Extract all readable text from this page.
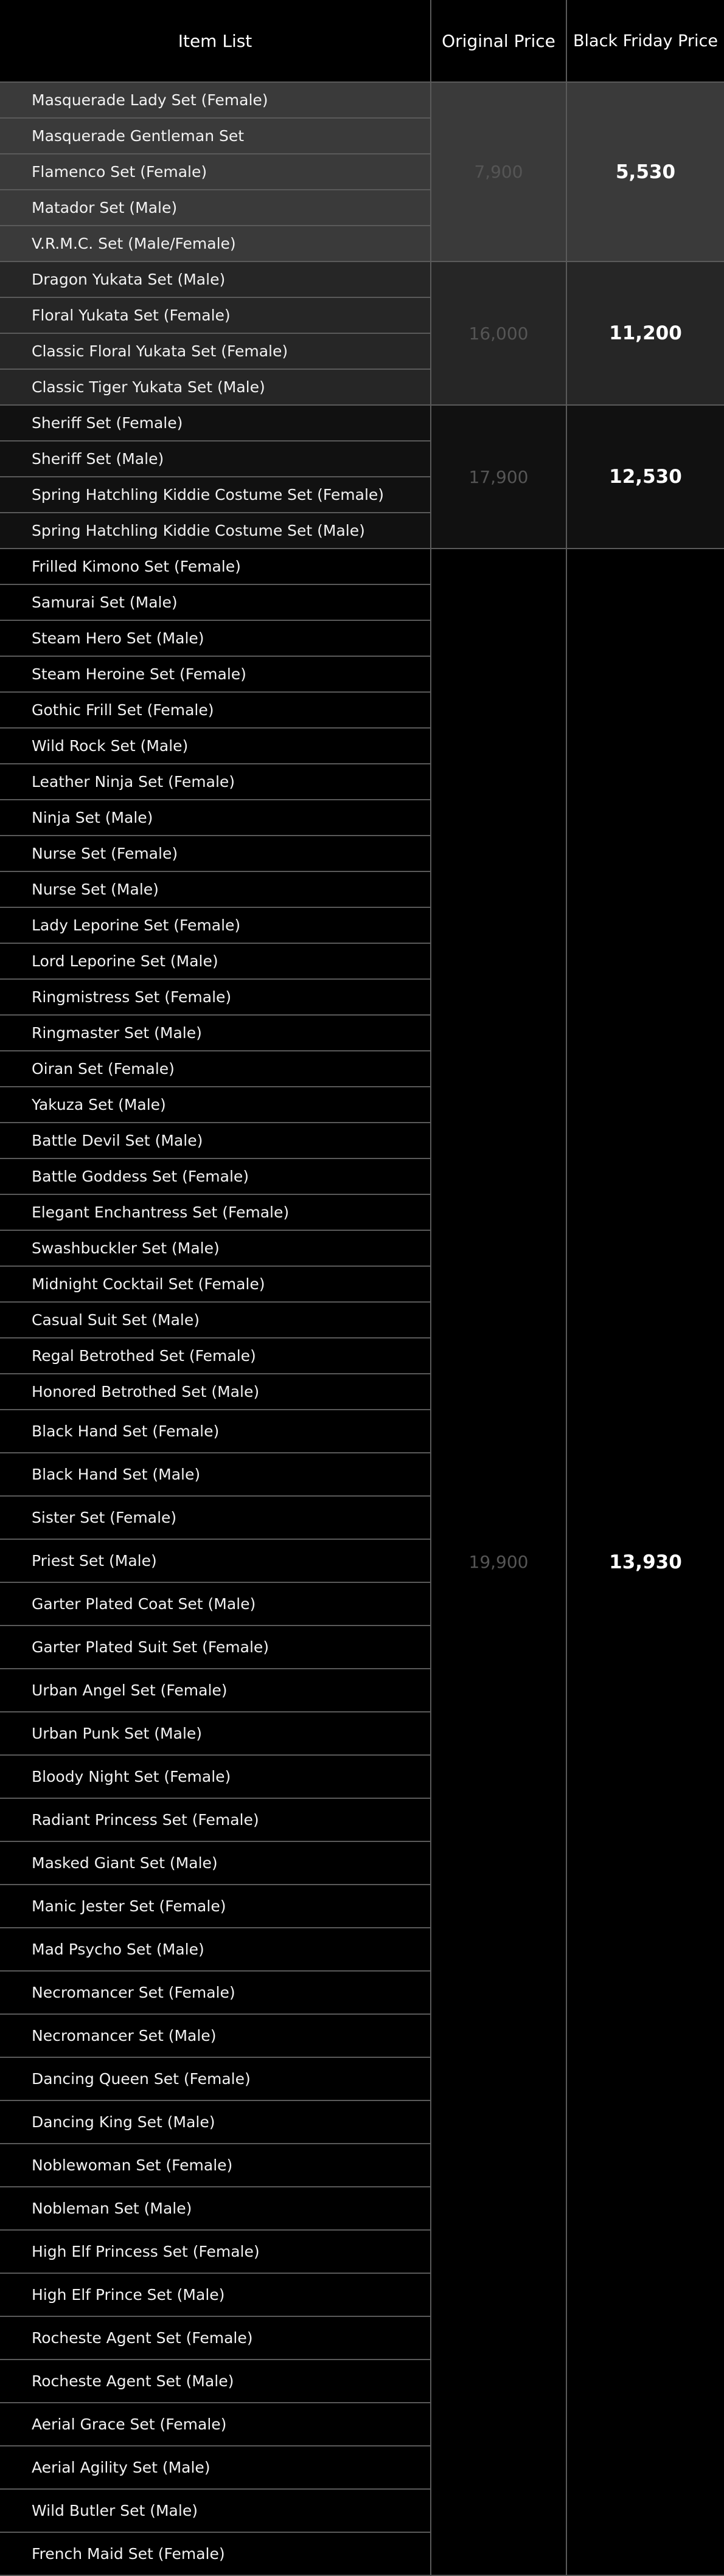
Item List	Original Price	Black Friday Price
Masquerade Lady Set (Female)
Masquerade Gentleman Set
Flamenco Set (Female)
Matador Set (Male)
V.R.M.C. Set (Male/Female)
7,900	5,530
Dragon Yukata Set (Male)
Floral Yukata Set (Female)
Classic Floral Yukata Set (Female)
Classic Tiger Yukata Set (Male)
16,000	11,200
Sheriff Set (Female)
Sheriff Set (Male)
Spring Hatchling Kiddie Costume Set (Female)
Spring Hatchling Kiddie Costume Set (Male)
17,900	12,530
Frilled Kimono Set (Female)
Samurai Set (Male)
Steam Hero Set (Male)
Steam Heroine Set (Female)
Gothic Frill Set (Female)
Wild Rock Set (Male)
Leather Ninja Set (Female)
Ninja Set (Male)
Nurse Set (Female)
Nurse Set (Male)
Lady Leporine Set (Female)
Lord Leporine Set (Male)
Ringmistress Set (Female)
Ringmaster Set (Male)
Oiran Set (Female)
Yakuza Set (Male)
Battle Devil Set (Male)
Battle Goddess Set (Female)
Elegant Enchantress Set (Female)
Swashbuckler Set (Male)
Midnight Cocktail Set (Female)
Casual Suit Set (Male)
Regal Betrothed Set (Female)
Honored Betrothed Set (Male)
Black Hand Set (Female)
Black Hand Set (Male)
Sister Set (Female)
Priest Set (Male)
Garter Plated Coat Set (Male)
Garter Plated Suit Set (Female)
Urban Angel Set (Female)
Urban Punk Set (Male)
Bloody Night Set (Female)
Radiant Princess Set (Female)
Masked Giant Set (Male)
Manic Jester Set (Female)
Mad Psycho Set (Male)
Necromancer Set (Female)
Necromancer Set (Male)
Dancing Queen Set (Female)
Dancing King Set (Male)
Noblewoman Set (Female)
Nobleman Set (Male)
High Elf Princess Set (Female)
High Elf Prince Set (Male)
Rocheste Agent Set (Female)
Rocheste Agent Set (Male)
Aerial Grace Set (Female)
Aerial Agility Set (Male)
Wild Butler Set (Male)
French Maid Set (Female)
19,900	13,930
